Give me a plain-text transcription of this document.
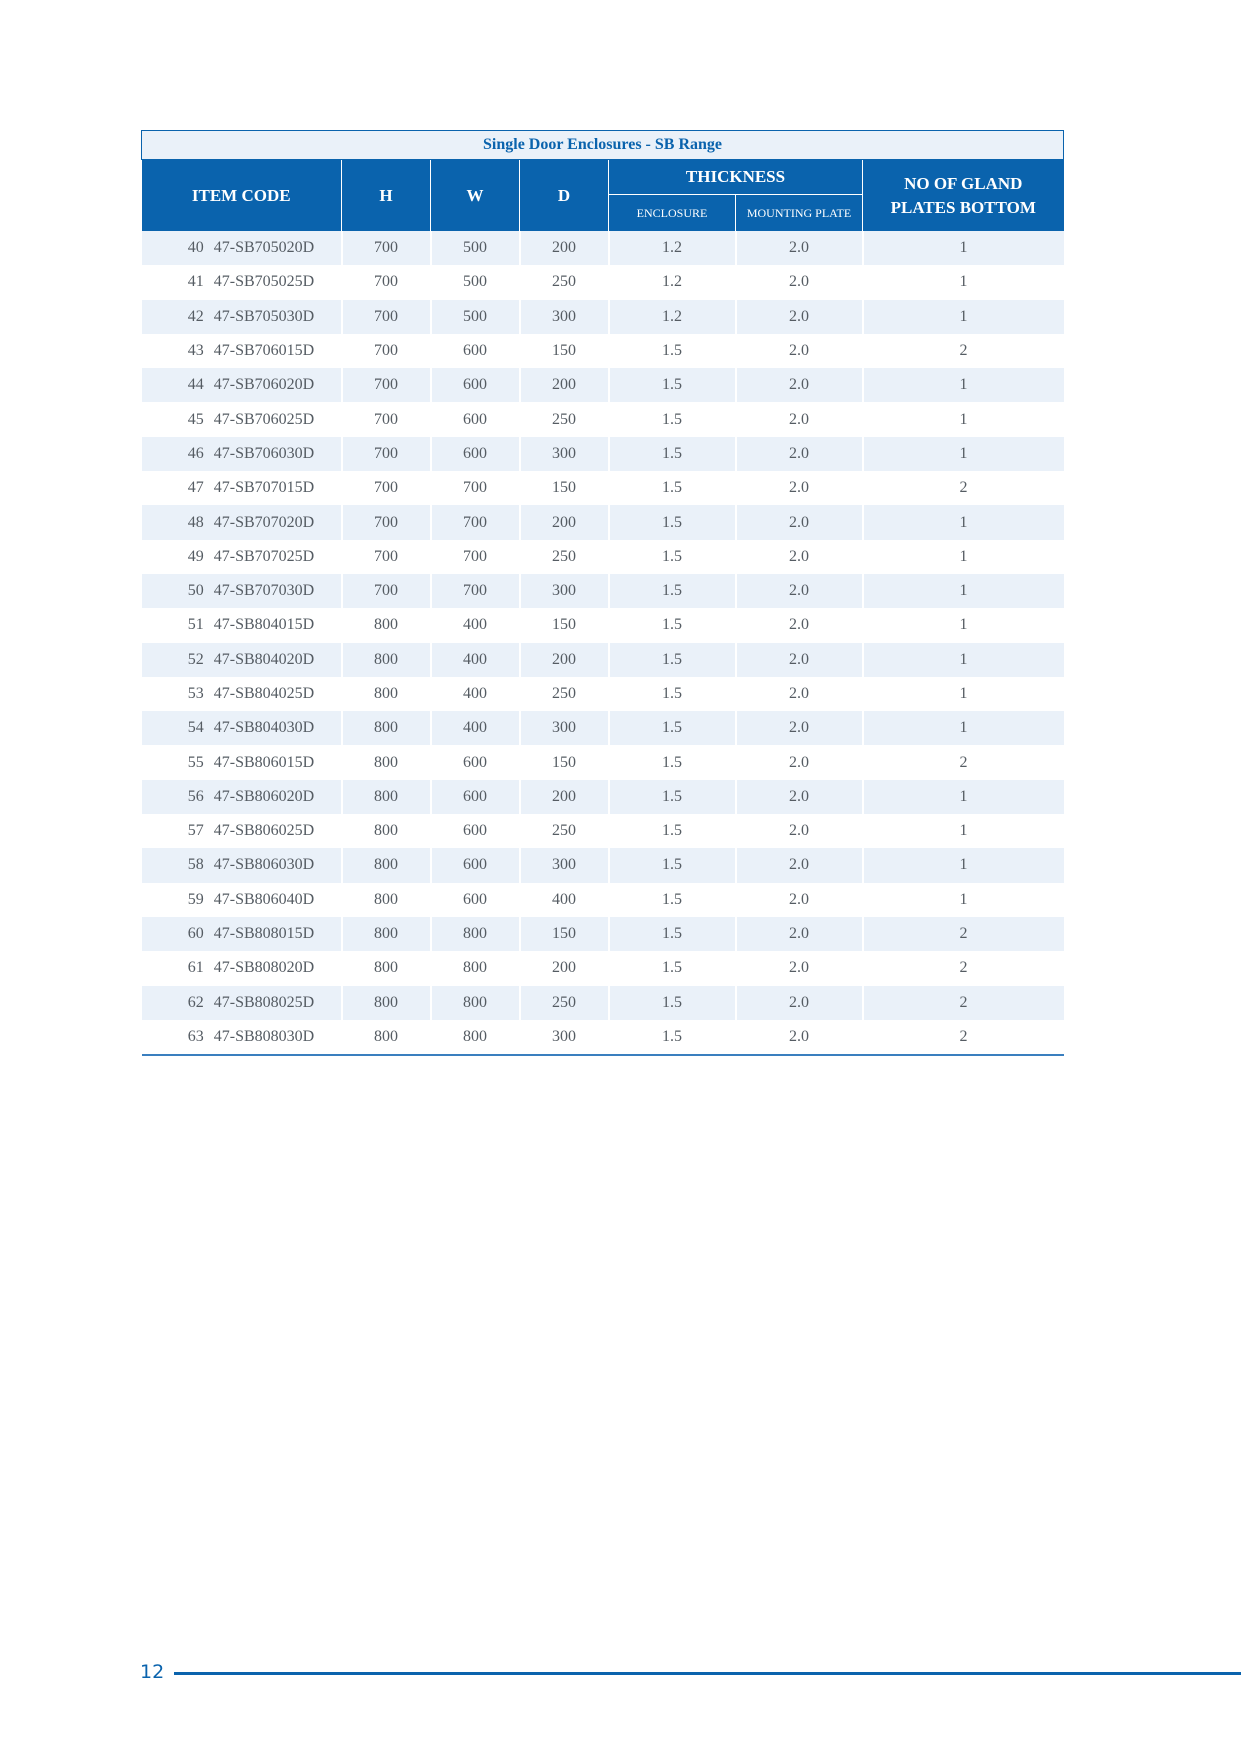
Single Door Enclosures - SB Range						
ITEM CODE	H	W	D	THICKNESS		NO OF GLAND
PLATES BOTTOM
				ENCLOSURE	MOUNTING PLATE	
40 47-SB705020D	700	500	200	1.2	2.0	1
41 47-SB705025D	700	500	250	1.2	2.0	1
42 47-SB705030D	700	500	300	1.2	2.0	1
43 47-SB706015D	700	600	150	1.5	2.0	2
44 47-SB706020D	700	600	200	1.5	2.0	1
45 47-SB706025D	700	600	250	1.5	2.0	1
46 47-SB706030D	700	600	300	1.5	2.0	1
47 47-SB707015D	700	700	150	1.5	2.0	2
48 47-SB707020D	700	700	200	1.5	2.0	1
49 47-SB707025D	700	700	250	1.5	2.0	1
50 47-SB707030D	700	700	300	1.5	2.0	1
51 47-SB804015D	800	400	150	1.5	2.0	1
52 47-SB804020D	800	400	200	1.5	2.0	1
53 47-SB804025D	800	400	250	1.5	2.0	1
54 47-SB804030D	800	400	300	1.5	2.0	1
55 47-SB806015D	800	600	150	1.5	2.0	2
56 47-SB806020D	800	600	200	1.5	2.0	1
57 47-SB806025D	800	600	250	1.5	2.0	1
58 47-SB806030D	800	600	300	1.5	2.0	1
59 47-SB806040D	800	600	400	1.5	2.0	1
60 47-SB808015D	800	800	150	1.5	2.0	2
61 47-SB808020D	800	800	200	1.5	2.0	2
62 47-SB808025D	800	800	250	1.5	2.0	2
63 47-SB808030D	800	800	300	1.5	2.0	2
12
